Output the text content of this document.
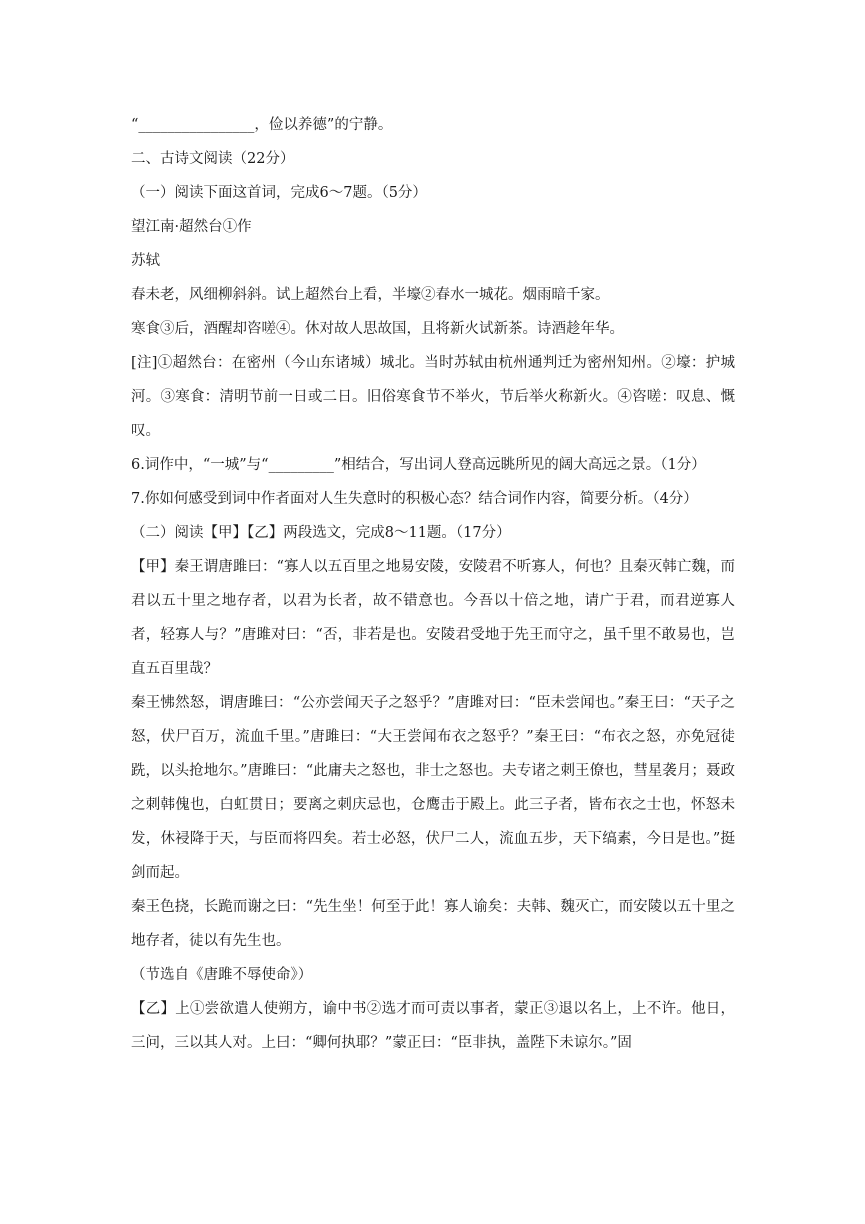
“________________，俭以养德”的宁静。

二、古诗文阅读（22分）

（一）阅读下面这首词，完成6～7题。（5分）

望江南·超然台①作

苏轼

春未老，风细柳斜斜。试上超然台上看，半壕②春水一城花。烟雨暗千家。

寒食③后，酒醒却咨嗟④。休对故人思故国，且将新火试新茶。诗酒趁年华。

[注]①超然台：在密州（今山东诸城）城北。当时苏轼由杭州通判迁为密州知州。②壕：护城河。③寒食：清明节前一日或二日。旧俗寒食节不举火，节后举火称新火。④咨嗟：叹息、慨叹。

6.词作中，“一城”与“_________”相结合，写出词人登高远眺所见的阔大高远之景。（1分）

7.你如何感受到词中作者面对人生失意时的积极心态？结合词作内容，简要分析。（4分）

（二）阅读【甲】【乙】两段选文，完成8～11题。（17分）

【甲】秦王谓唐雎曰：“寡人以五百里之地易安陵，安陵君不听寡人，何也？且秦灭韩亡魏，而君以五十里之地存者，以君为长者，故不错意也。今吾以十倍之地，请广于君，而君逆寡人者，轻寡人与？”唐雎对曰：“否，非若是也。安陵君受地于先王而守之，虽千里不敢易也，岂直五百里哉？

秦王怫然怒，谓唐雎曰：“公亦尝闻天子之怒乎？”唐雎对曰：“臣未尝闻也。”秦王曰：“天子之怒，伏尸百万，流血千里。”唐雎曰：“大王尝闻布衣之怒乎？”秦王曰：“布衣之怒，亦免冠徒跣，以头抢地尔。”唐雎曰：“此庸夫之怒也，非士之怒也。夫专诸之刺王僚也，彗星袭月；聂政之刺韩傀也，白虹贯日；要离之刺庆忌也，仓鹰击于殿上。此三子者，皆布衣之士也，怀怒未发，休祲降于天，与臣而将四矣。若士必怒，伏尸二人，流血五步，天下缟素，今日是也。”挺剑而起。

秦王色挠，长跪而谢之曰：“先生坐！何至于此！寡人谕矣：夫韩、魏灭亡，而安陵以五十里之地存者，徒以有先生也。

（节选自《唐雎不辱使命》）

【乙】上①尝欲遣人使朔方，谕中书②选才而可责以事者，蒙正③退以名上，上不许。他日，三问，三以其人对。上曰：“卿何执耶？”蒙正曰：“臣非执，盖陛下未谅尔。”固
